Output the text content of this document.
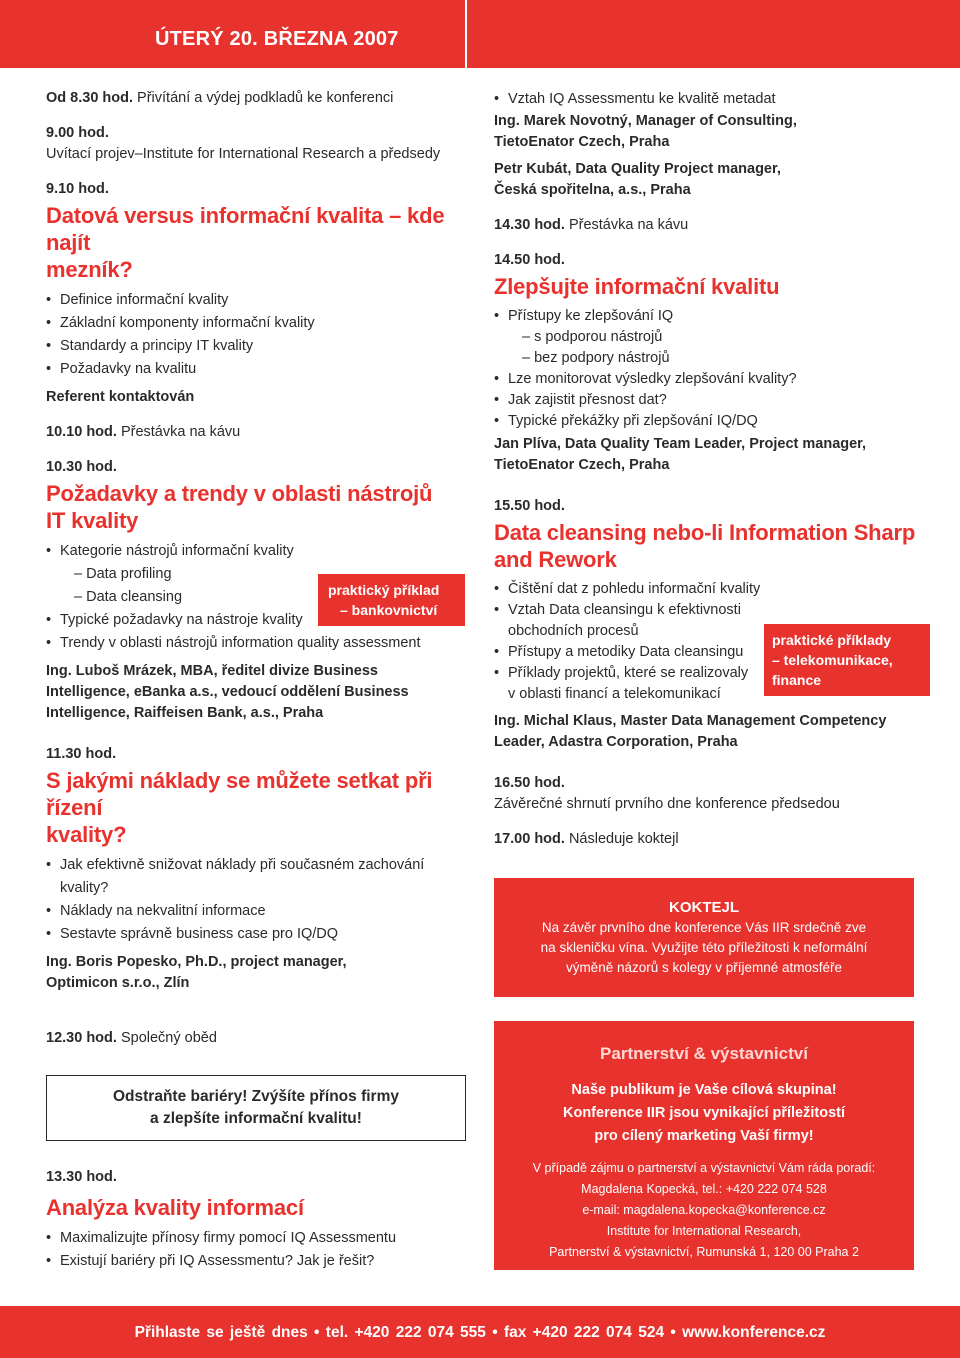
ÚTERÝ 20. BŘEZNA 2007

Od 8.30 hod. Přivítání a výdej podkladů ke konferenci

9.00 hod.

Uvítací projev–Institute for International Research a předsedy

9.10 hod.

Datová versus informační kvalita – kde najít
mezník?
• Definice informační kvality
• Základní komponenty informační kvality
• Standardy a principy IT kvality
• Požadavky na kvalitu

Referent kontaktován

10.10 hod. Přestávka na kávu

10.30 hod.

Požadavky a trendy v oblasti nástrojů
IT kvality
• Kategorie nástrojů informační kvality
– Data profiling
– Data cleansing
• Typické požadavky na nástroje kvality
• Trendy v oblasti nástrojů information quality assessment
Ing. Luboš Mrázek, MBA, ředitel divize Business
Intelligence, eBanka a.s., vedoucí oddělení Business
Intelligence, Raiffeisen Bank, a.s., Praha

11.30 hod.

S jakými náklady se můžete setkat při řízení
kvality?
• Jak efektivně snižovat náklady při současném zachování
kvality?
• Náklady na nekvalitní informace
• Sestavte správně business case pro IQ/DQ
Ing. Boris Popesko, Ph.D., project manager,
Optimicon s.r.o., Zlín

12.30 hod. Společný oběd

Odstraňte bariéry! Zvýšíte přínos firmy
a zlepšíte informační kvalitu!

13.30 hod.

Analýza kvality informací
• Maximalizujte přínosy firmy pomocí IQ Assessmentu
• Existují bariéry při IQ Assessmentu? Jak je řešit?
praktický příklad
– bankovnictví
• Vztah IQ Assessmentu ke kvalitě metadat
Ing. Marek Novotný, Manager of Consulting,
TietoEnator Czech, Praha
Petr Kubát, Data Quality Project manager,
Česká spořitelna, a.s., Praha

14.30 hod. Přestávka na kávu

14.50 hod.

Zlepšujte informační kvalitu
• Přístupy ke zlepšování IQ
– s podporou nástrojů
– bez podpory nástrojů
• Lze monitorovat výsledky zlepšování kvality?
• Jak zajistit přesnost dat?
• Typické překážky při zlepšování IQ/DQ
Jan Plíva, Data Quality Team Leader, Project manager,
TietoEnator Czech, Praha

15.50 hod.

Data cleansing nebo-li Information Sharp
and Rework
• Čištění dat z pohledu informační kvality
• Vztah Data cleansingu k efektivnosti
obchodních procesů
• Přístupy a metodiky Data cleansingu
• Příklady projektů, které se realizovaly
v oblasti financí a telekomunikací
Ing. Michal Klaus, Master Data Management Competency
Leader, Adastra Corporation, Praha

16.50 hod.

Závěrečné shrnutí prvního dne konference předsedou

17.00 hod. Následuje koktejl

praktické příklady
– telekomunikace,
finance
KOKTEJL
Na závěr prvního dne konference Vás IIR srdečně zve
na skleničku vína. Využijte této příležitosti k neformální
výměně názorů s kolegy v příjemné atmosféře
Partnerství & výstavnictví
Naše publikum je Vaše cílová skupina!
Konference IIR jsou vynikající příležitostí
pro cílený marketing Vaší firmy!
V případě zájmu o partnerství a výstavnictví Vám ráda poradí:
Magdalena Kopecká, tel.: +420 222 074 528
e-mail: magdalena.kopecka@konference.cz
Institute for International Research,
Partnerství & výstavnictví, Rumunská 1, 120 00 Praha 2
Přihlaste se ještě dnes • tel. +420 222 074 555 • fax +420 222 074 524 • www.konference.cz
